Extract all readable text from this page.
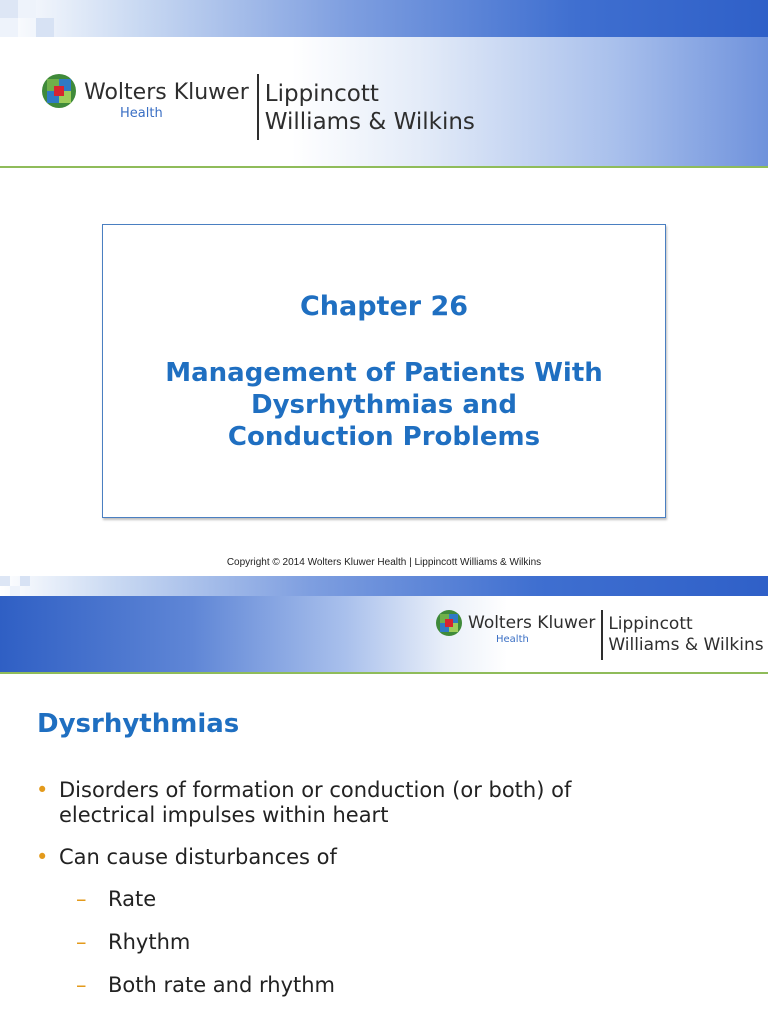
Wolters Kluwer
Health
Lippincott
Williams & Wilkins
Chapter 26
Management of Patients With
Dysrhythmias and
Conduction Problems
Copyright © 2014 Wolters Kluwer Health | Lippincott Williams & Wilkins
Wolters Kluwer
Health
Lippincott
Williams & Wilkins
Dysrhythmias
• Disorders of formation or conduction (or both) of
electrical impulses within heart
• Can cause disturbances of
– Rate
– Rhythm
– Both rate and rhythm
